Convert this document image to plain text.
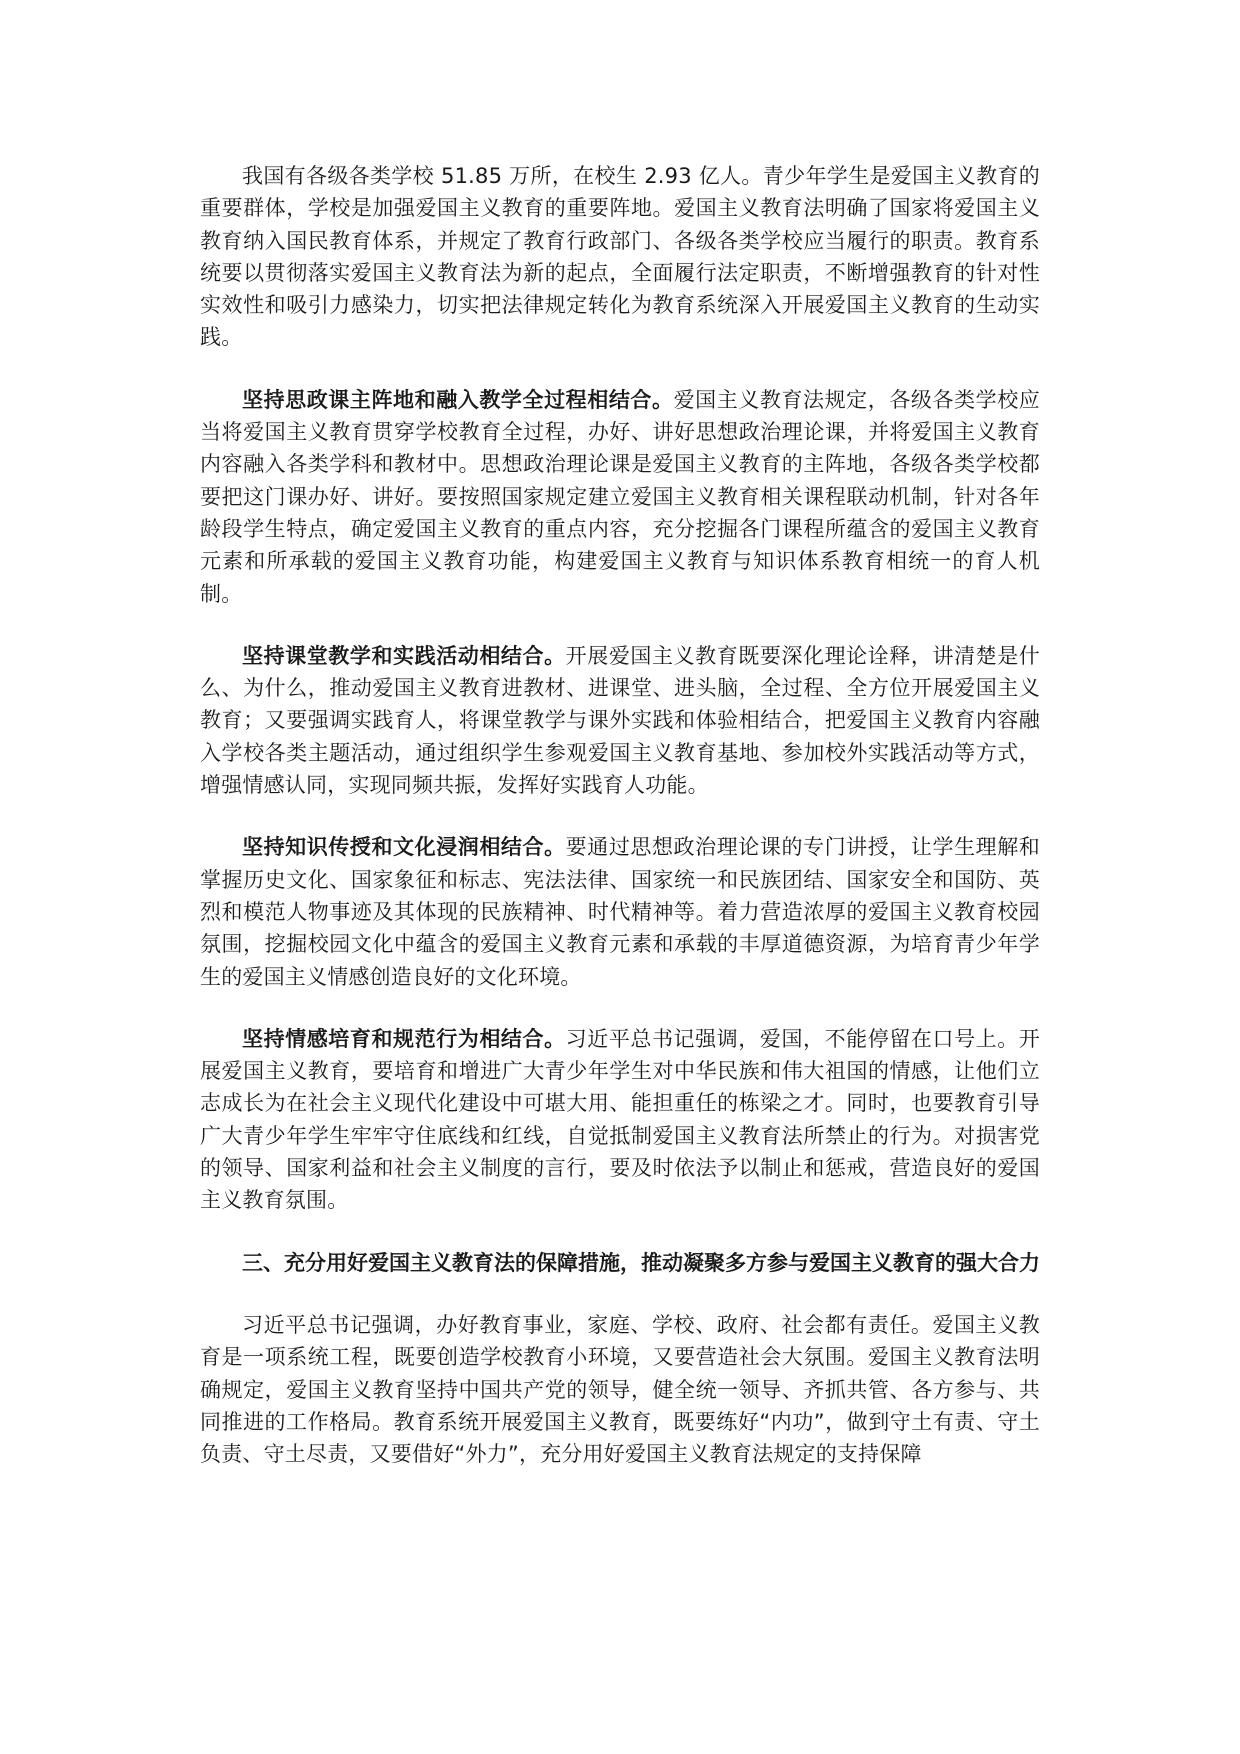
我国有各级各类学校 51.85 万所，在校生 2.93 亿人。青少年学生是爱国主义教育的重要群体，学校是加强爱国主义教育的重要阵地。爱国主义教育法明确了国家将爱国主义教育纳入国民教育体系，并规定了教育行政部门、各级各类学校应当履行的职责。教育系统要以贯彻落实爱国主义教育法为新的起点，全面履行法定职责，不断增强教育的针对性实效性和吸引力感染力，切实把法律规定转化为教育系统深入开展爱国主义教育的生动实践。

坚持思政课主阵地和融入教学全过程相结合。爱国主义教育法规定，各级各类学校应当将爱国主义教育贯穿学校教育全过程，办好、讲好思想政治理论课，并将爱国主义教育内容融入各类学科和教材中。思想政治理论课是爱国主义教育的主阵地，各级各类学校都要把这门课办好、讲好。要按照国家规定建立爱国主义教育相关课程联动机制，针对各年龄段学生特点，确定爱国主义教育的重点内容，充分挖掘各门课程所蕴含的爱国主义教育元素和所承载的爱国主义教育功能，构建爱国主义教育与知识体系教育相统一的育人机制。

坚持课堂教学和实践活动相结合。开展爱国主义教育既要深化理论诠释，讲清楚是什么、为什么，推动爱国主义教育进教材、进课堂、进头脑，全过程、全方位开展爱国主义教育；又要强调实践育人，将课堂教学与课外实践和体验相结合，把爱国主义教育内容融入学校各类主题活动，通过组织学生参观爱国主义教育基地、参加校外实践活动等方式，增强情感认同，实现同频共振，发挥好实践育人功能。

坚持知识传授和文化浸润相结合。要通过思想政治理论课的专门讲授，让学生理解和掌握历史文化、国家象征和标志、宪法法律、国家统一和民族团结、国家安全和国防、英烈和模范人物事迹及其体现的民族精神、时代精神等。着力营造浓厚的爱国主义教育校园氛围，挖掘校园文化中蕴含的爱国主义教育元素和承载的丰厚道德资源，为培育青少年学生的爱国主义情感创造良好的文化环境。

坚持情感培育和规范行为相结合。习近平总书记强调，爱国，不能停留在口号上。开展爱国主义教育，要培育和增进广大青少年学生对中华民族和伟大祖国的情感，让他们立志成长为在社会主义现代化建设中可堪大用、能担重任的栋梁之才。同时，也要教育引导广大青少年学生牢牢守住底线和红线，自觉抵制爱国主义教育法所禁止的行为。对损害党的领导、国家利益和社会主义制度的言行，要及时依法予以制止和惩戒，营造良好的爱国主义教育氛围。

三、充分用好爱国主义教育法的保障措施，推动凝聚多方参与爱国主义教育的强大合力

习近平总书记强调，办好教育事业，家庭、学校、政府、社会都有责任。爱国主义教育是一项系统工程，既要创造学校教育小环境，又要营造社会大氛围。爱国主义教育法明确规定，爱国主义教育坚持中国共产党的领导，健全统一领导、齐抓共管、各方参与、共同推进的工作格局。教育系统开展爱国主义教育，既要练好“内功”，做到守土有责、守土负责、守土尽责，又要借好“外力”，充分用好爱国主义教育法规定的支持保障
